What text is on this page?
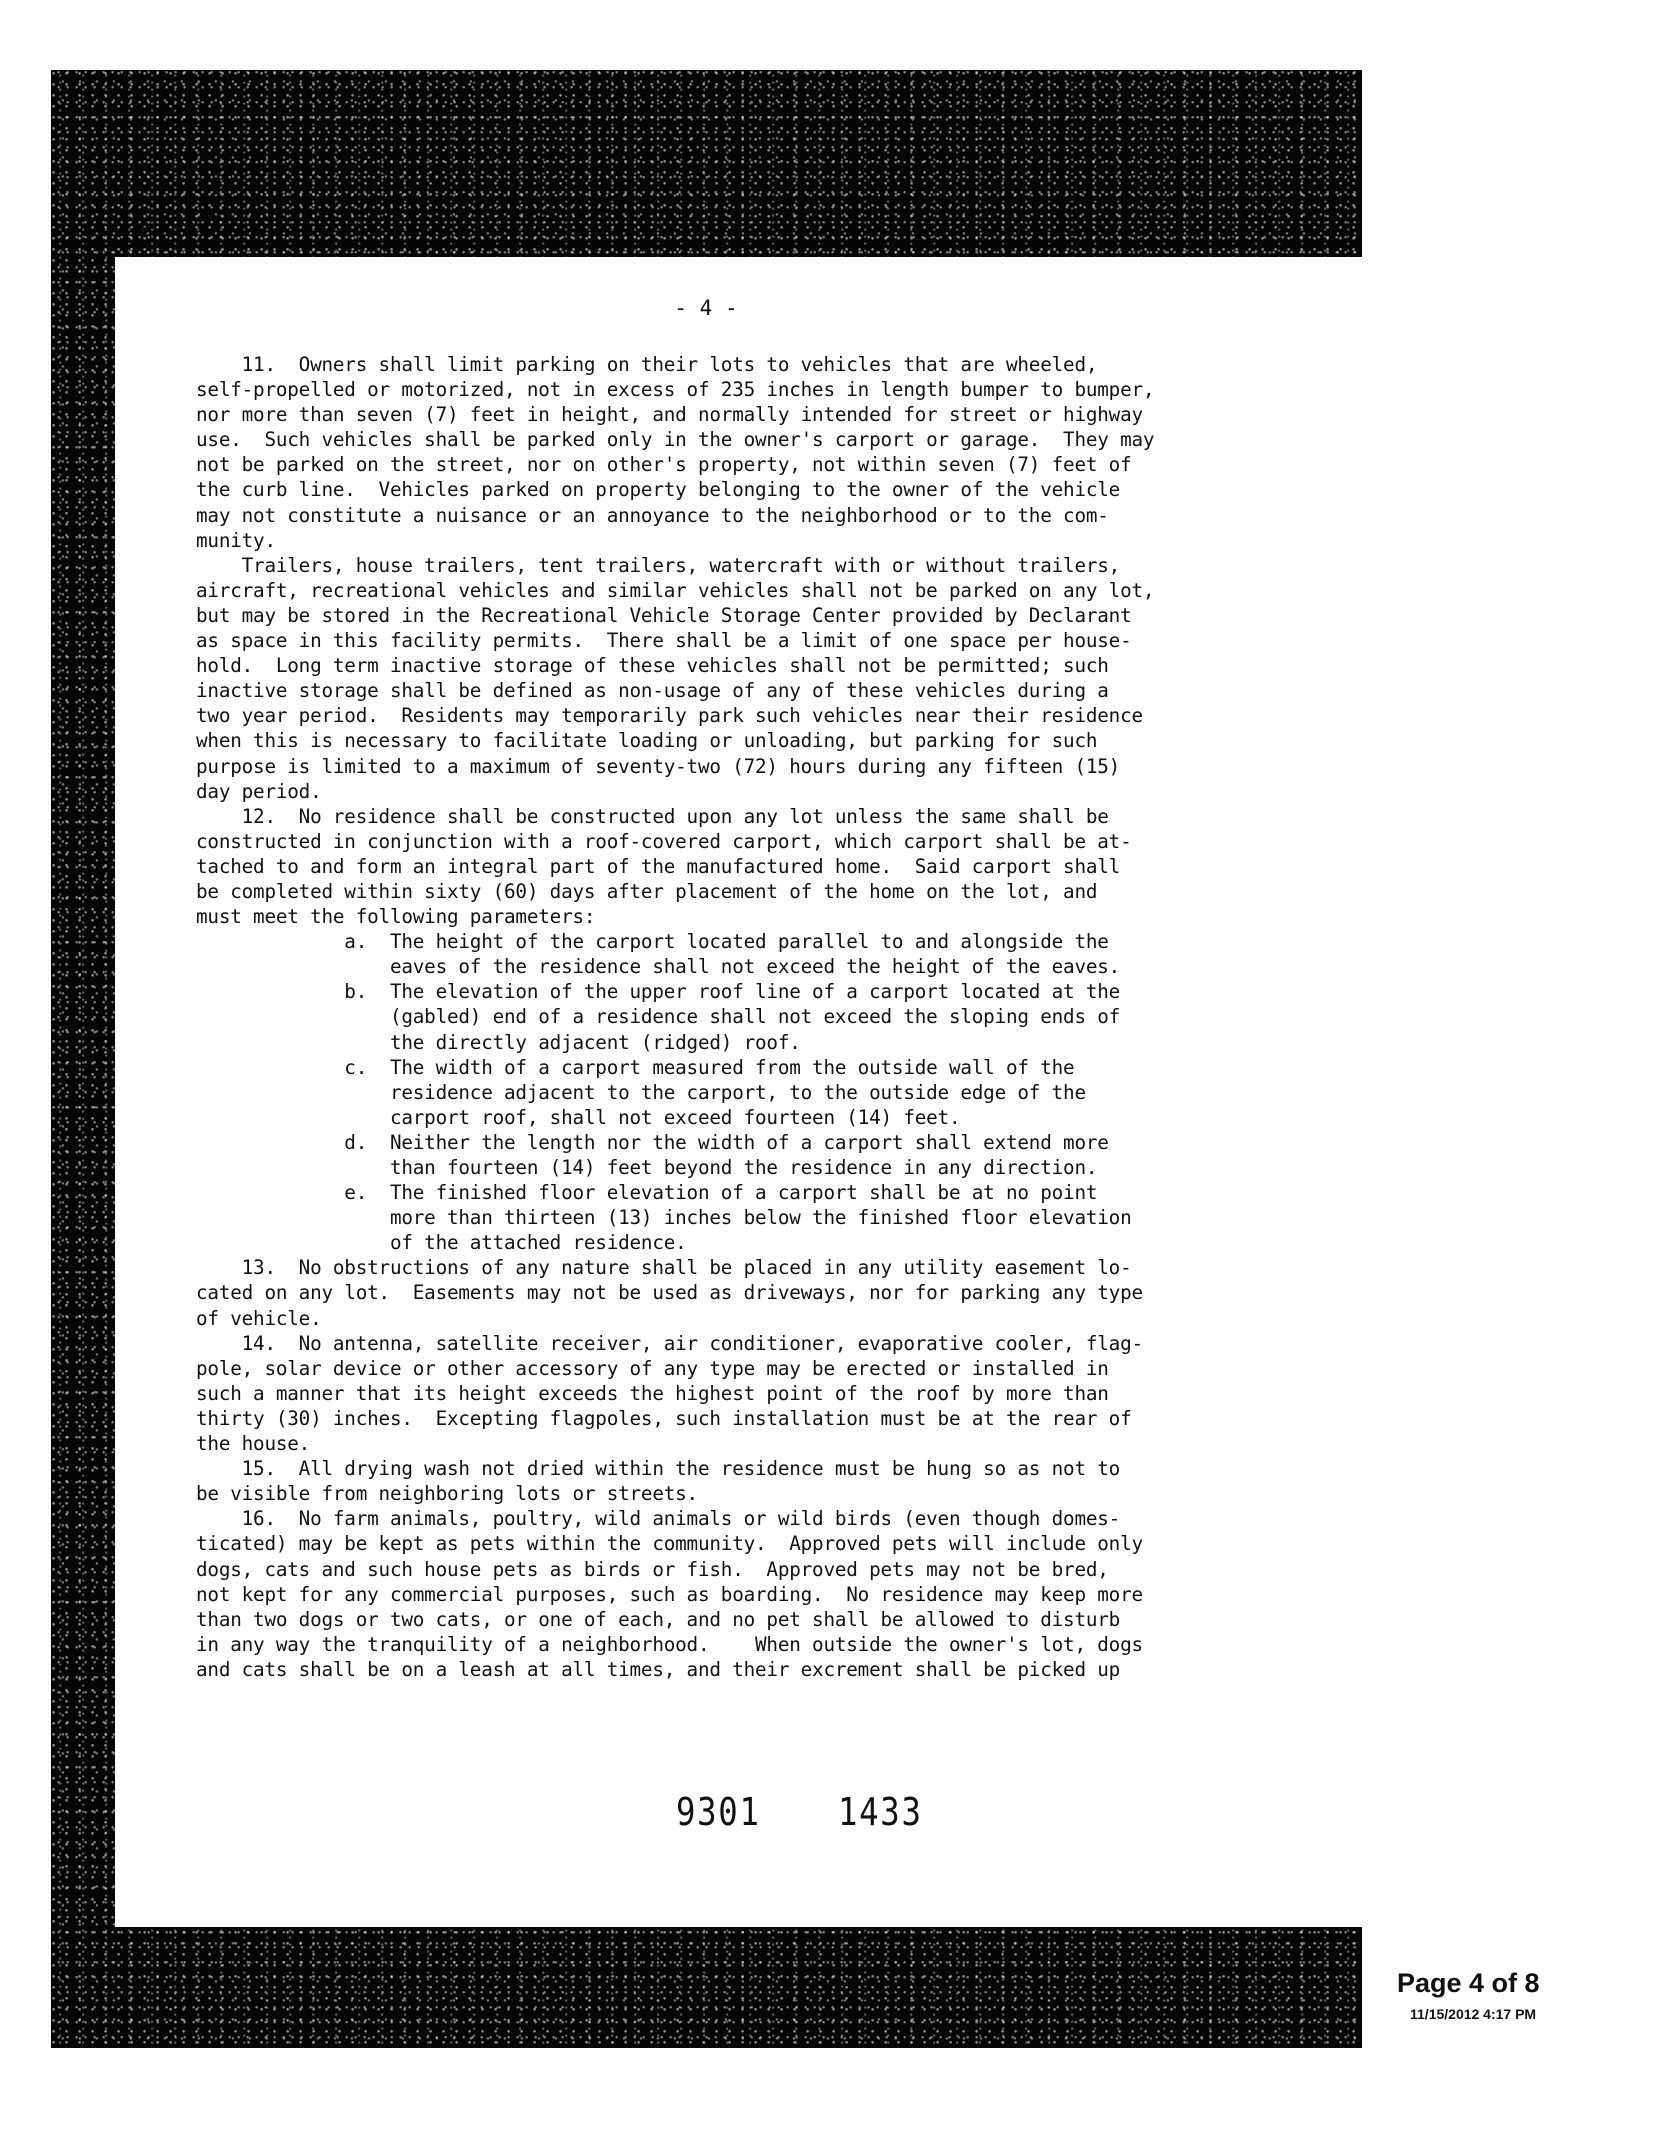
- 4 -
11.  Owners shall limit parking on their lots to vehicles that are wheeled,
self-propelled or motorized, not in excess of 235 inches in length bumper to bumper,
nor more than seven (7) feet in height, and normally intended for street or highway
use.  Such vehicles shall be parked only in the owner's carport or garage.  They may
not be parked on the street, nor on other's property, not within seven (7) feet of
the curb line.  Vehicles parked on property belonging to the owner of the vehicle
may not constitute a nuisance or an annoyance to the neighborhood or to the com-
munity.
Trailers, house trailers, tent trailers, watercraft with or without trailers,
aircraft, recreational vehicles and similar vehicles shall not be parked on any lot,
but may be stored in the Recreational Vehicle Storage Center provided by Declarant
as space in this facility permits.  There shall be a limit of one space per house-
hold.  Long term inactive storage of these vehicles shall not be permitted; such
inactive storage shall be defined as non-usage of any of these vehicles during a
two year period.  Residents may temporarily park such vehicles near their residence
when this is necessary to facilitate loading or unloading, but parking for such
purpose is limited to a maximum of seventy-two (72) hours during any fifteen (15)
day period.
12.  No residence shall be constructed upon any lot unless the same shall be
constructed in conjunction with a roof-covered carport, which carport shall be at-
tached to and form an integral part of the manufactured home.  Said carport shall
be completed within sixty (60) days after placement of the home on the lot, and
must meet the following parameters:
a.  The height of the carport located parallel to and alongside the
eaves of the residence shall not exceed the height of the eaves.
b.  The elevation of the upper roof line of a carport located at the
(gabled) end of a residence shall not exceed the sloping ends of
the directly adjacent (ridged) roof.
c.  The width of a carport measured from the outside wall of the
residence adjacent to the carport, to the outside edge of the
carport roof, shall not exceed fourteen (14) feet.
d.  Neither the length nor the width of a carport shall extend more
than fourteen (14) feet beyond the residence in any direction.
e.  The finished floor elevation of a carport shall be at no point
more than thirteen (13) inches below the finished floor elevation
of the attached residence.
13.  No obstructions of any nature shall be placed in any utility easement lo-
cated on any lot.  Easements may not be used as driveways, nor for parking any type
of vehicle.
14.  No antenna, satellite receiver, air conditioner, evaporative cooler, flag-
pole, solar device or other accessory of any type may be erected or installed in
such a manner that its height exceeds the highest point of the roof by more than
thirty (30) inches.  Excepting flagpoles, such installation must be at the rear of
the house.
15.  All drying wash not dried within the residence must be hung so as not to
be visible from neighboring lots or streets.
16.  No farm animals, poultry, wild animals or wild birds (even though domes-
ticated) may be kept as pets within the community.  Approved pets will include only
dogs, cats and such house pets as birds or fish.  Approved pets may not be bred,
not kept for any commercial purposes, such as boarding.  No residence may keep more
than two dogs or two cats, or one of each, and no pet shall be allowed to disturb
in any way the tranquility of a neighborhood.    When outside the owner's lot, dogs
and cats shall be on a leash at all times, and their excrement shall be picked up
9301 1433
Page 4 of 8
11/15/2012 4:17 PM
